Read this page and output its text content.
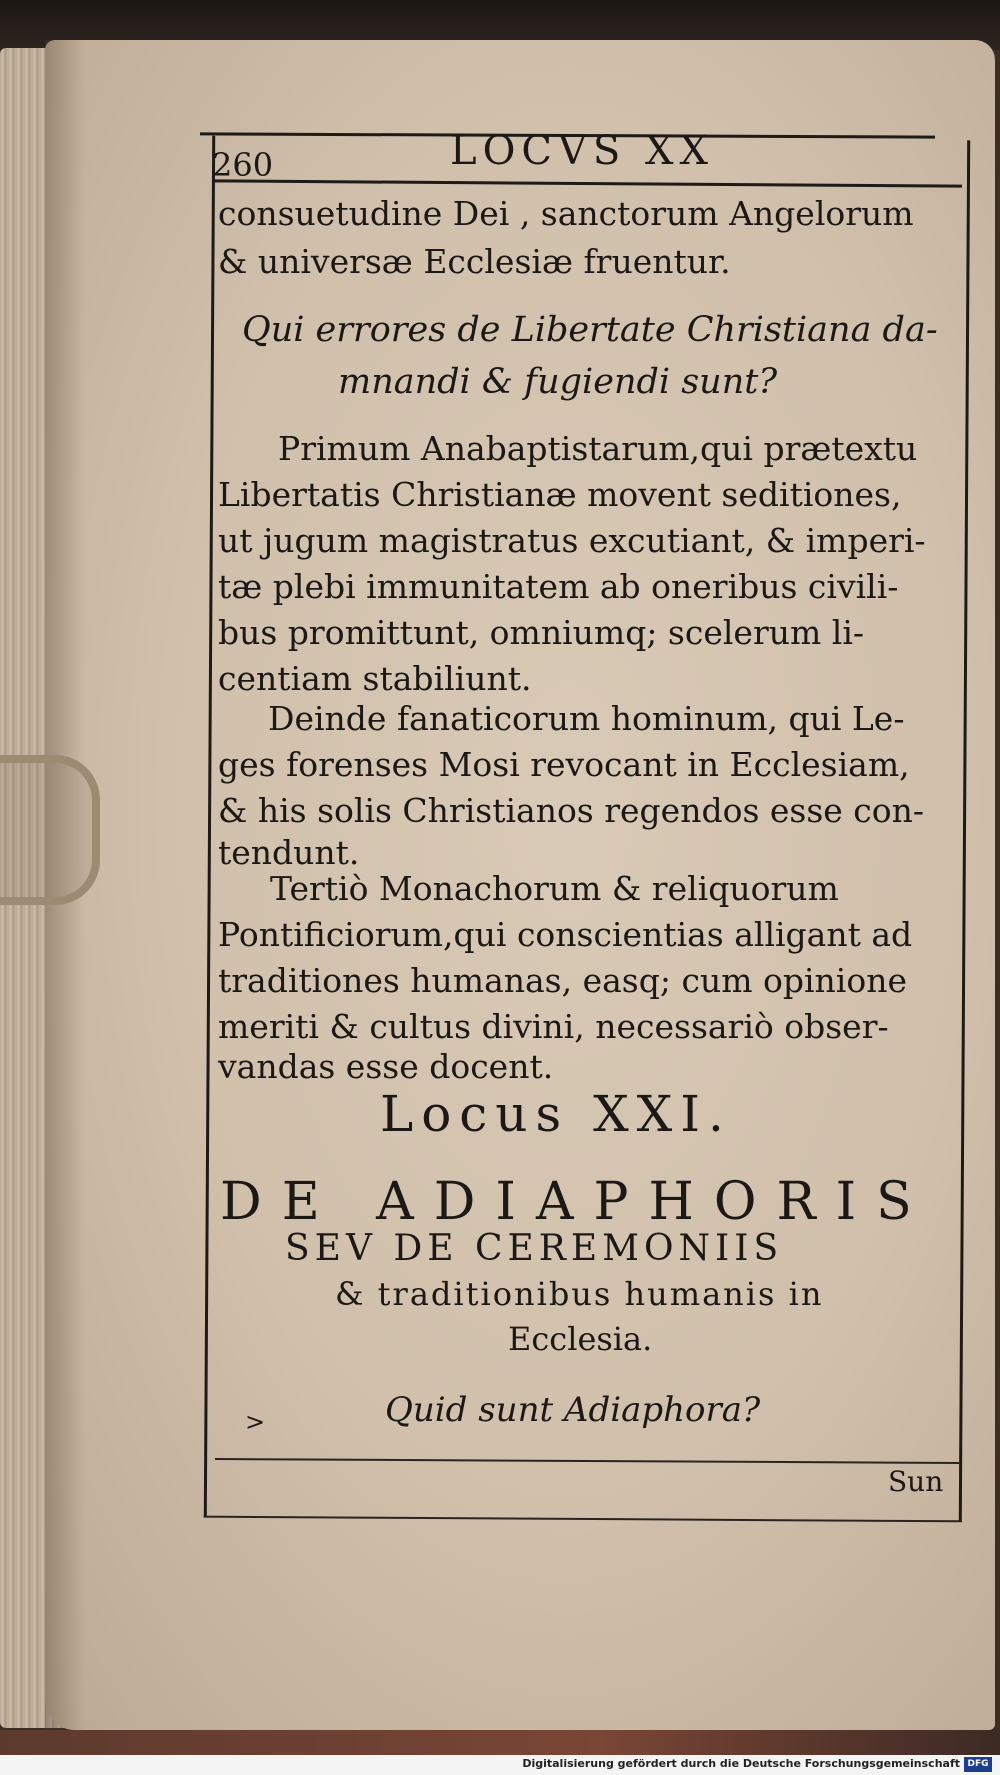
260	LOCVS XX
consuetudine Dei , sanctorum Angelorum
& universæ Ecclesiæ fruentur.
Qui errores de Libertate Christiana da-
mnandi & fugiendi sunt?
Primum Anabaptistarum,qui prætextu
Libertatis Christianæ movent seditiones,
ut jugum magistratus excutiant, & imperi-
tæ plebi immunitatem ab oneribus civili-
bus promittunt, omniumq; scelerum li-
centiam stabiliunt.
Deinde fanaticorum hominum, qui Le-
ges forenses Mosi revocant in Ecclesiam,
& his solis Christianos regendos esse con-
tendunt.
Tertiò Monachorum & reliquorum
Pontificiorum,qui conscientias alligant ad
traditiones humanas, easq; cum opinione
meriti & cultus divini, necessariò obser-
vandas esse docent.
Locus XXI.
DE ADIAPHORIS
SEV DE CEREMONIIS
& traditionibus humanis in
Ecclesia.
Quid sunt Adiaphora?
>
Sun
Digitalisierung gefördert durch die Deutsche Forschungsgemeinschaft DFG
